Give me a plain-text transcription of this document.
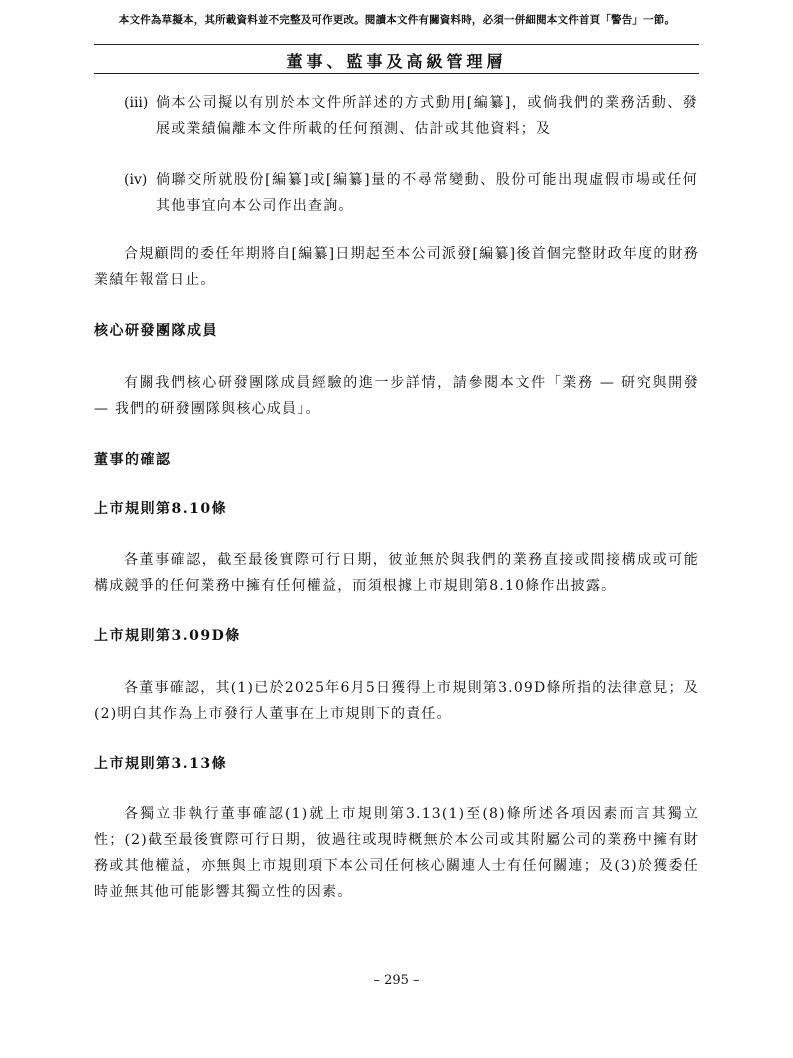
本文件為草擬本，其所載資料並不完整及可作更改。閱讀本文件有關資料時，必須一併細閱本文件首頁「警告」一節。
董事、監事及高級管理層
(iii) 倘本公司擬以有別於本文件所詳述的方式動用[編纂]，或倘我們的業務活動、發展或業績偏離本文件所載的任何預測、估計或其他資料；及
(iv) 倘聯交所就股份[編纂]或[編纂]量的不尋常變動、股份可能出現虛假市場或任何其他事宜向本公司作出查詢。
合規顧問的委任年期將自[編纂]日期起至本公司派發[編纂]後首個完整財政年度的財務業績年報當日止。
核心研發團隊成員
有關我們核心研發團隊成員經驗的進一步詳情，請參閱本文件「業務 — 研究與開發 — 我們的研發團隊與核心成員」。
董事的確認
上市規則第8.10條
各董事確認，截至最後實際可行日期，彼並無於與我們的業務直接或間接構成或可能構成競爭的任何業務中擁有任何權益，而須根據上市規則第8.10條作出披露。
上市規則第3.09D條
各董事確認，其(1)已於2025年6月5日獲得上市規則第3.09D條所指的法律意見；及(2)明白其作為上市發行人董事在上市規則下的責任。
上市規則第3.13條
各獨立非執行董事確認(1)就上市規則第3.13(1)至(8)條所述各項因素而言其獨立性；(2)截至最後實際可行日期，彼過往或現時概無於本公司或其附屬公司的業務中擁有財務或其他權益，亦無與上市規則項下本公司任何核心關連人士有任何關連；及(3)於獲委任時並無其他可能影響其獨立性的因素。
– 295 –
